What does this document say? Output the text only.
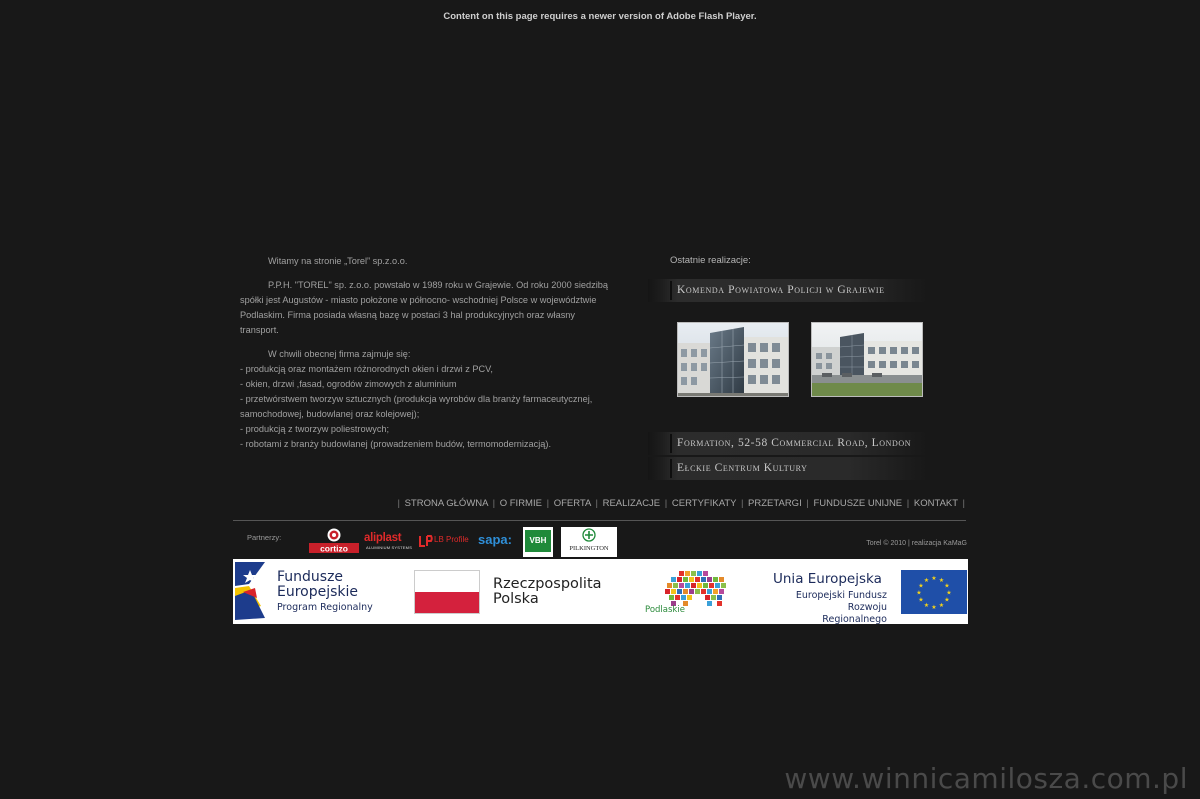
Content on this page requires a newer version of Adobe Flash Player.

Witamy na stronie „Torel” sp.z.o.o.

P.P.H. "TOREL" sp. z.o.o. powstało w 1989 roku w Grajewie. Od roku 2000 siedzibą spółki jest Augustów - miasto położone w północno- wschodniej Polsce w województwie Podlaskim. Firma posiada własną bazę w postaci 3 hal produkcyjnych oraz własny transport.

W chwili obecnej firma zajmuje się:

- produkcją oraz montażem różnorodnych okien i drzwi z PCV,
- okien, drzwi ,fasad, ogrodów zimowych z aluminium
- przetwórstwem tworzyw sztucznych (produkcja wyrobów dla branży farmaceutycznej, samochodowej, budowlanej oraz kolejowej);
- produkcją z tworzyw poliestrowych;
- robotami z branży budowlanej (prowadzeniem budów, termomodernizacją).
Ostatnie realizacje:
Komenda Powiatowa Policji w Grajewie
Formation, 52-58 Commercial Road, London
Ełckie Centrum Kultury
| STRONA GŁÓWNA | O FIRMIE | OFERTA | REALIZACJE | CERTYFIKATY | PRZETARGI | FUNDUSZE UNIJNE | KONTAKT |
Partnerzy:
cortizo
aliplast
ALUMINIUM SYSTEMS
LB Profile sapa:	VBH
PILKINGTON
Torel © 2010 | realizacja KaMaG
Fundusze
Europejskie
Program Regionalny
Rzeczpospolita
Polska
Podlaskie
Unia Europejska
Europejski Fundusz
Rozwoju Regionalnego
★ ★
★
★
★
★
★
★
★
★
★
★
www.winnicamilosza.com.pl
